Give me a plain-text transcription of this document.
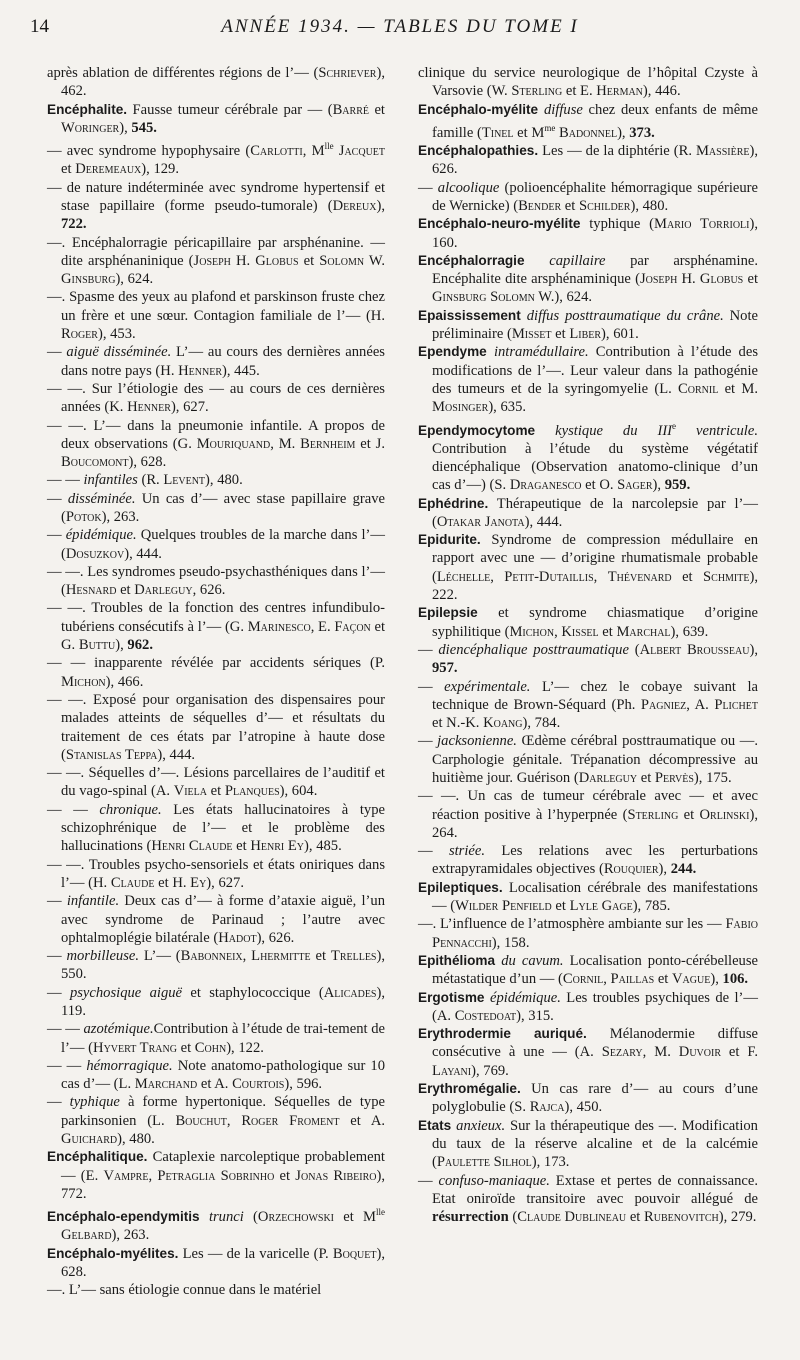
14	ANNÉE 1934. — TABLES DU TOME I

après ablation de différentes régions de l’— (Schriever), 462.

Encéphalite. Fausse tumeur cérébrale par — (Barré et Woringer), 545.

— avec syndrome hypophysaire (Carlotti, $M^{lle}$ Jacquet et Deremeaux), 129.

— de nature indéterminée avec syndrome hypertensif et stase papillaire (forme pseudo-tumorale) (Dereux), 722.

—. Encéphalorragie péricapillaire par arsphénanine. — dite arsphénaninique (Joseph H. Globus et Solomn W. Ginsburg), 624.

—. Spasme des yeux au plafond et parskinson fruste chez un frère et une sœur. Contagion familiale de l’— (H. Roger), 453.

— aiguë disséminée. L’— au cours des dernières années dans notre pays (H. Henner), 445.

— —. Sur l’étiologie des — au cours de ces dernières années (K. Henner), 627.

— —. L’— dans la pneumonie infantile. A propos de deux observations (G. Mouriquand, M. Bernheim et J. Boucomont), 628.

— — infantiles (R. Levent), 480.

— disséminée. Un cas d’— avec stase papillaire grave (Potok), 263.

— épidémique. Quelques troubles de la marche dans l’— (Dosuzkov), 444.

— —. Les syndromes pseudo-psychasthéniques dans l’— (Hesnard et Darleguy, 626.

— —. Troubles de la fonction des centres infundibulo-tubériens consécutifs à l’— (G. Marinesco, E. Façon et G. Buttu), 962.

— — inapparente révélée par accidents sériques (P. Michon), 466.

— —. Exposé pour organisation des dispensaires pour malades atteints de séquelles d’— et résultats du traitement de ces états par l’atropine à haute dose (Stanislas Teppa), 444.

— —. Séquelles d’—. Lésions parcellaires de l’auditif et du vago-spinal (A. Viela et Planques), 604.

— — chronique. Les états hallucinatoires à type schizophrénique de l’— et le problème des hallucinations (Henri Claude et Henri Ey), 485.

— —. Troubles psycho-sensoriels et états oniriques dans l’— (H. Claude et H. Ey), 627.

— infantile. Deux cas d’— à forme d’ataxie aiguë, l’un avec syndrome de Parinaud ; l’autre avec ophtalmoplégie bilatérale (Hadot), 626.

— morbilleuse. L’— (Babonneix, Lhermitte et Trelles), 550.

— psychosique aiguë et staphylococcique (Alicades), 119.

— — azotémique.Contribution à l’étude de trai-tement de l’— (Hyvert Trang et Cohn), 122.

— — hémorragique. Note anatomo-pathologique sur 10 cas d’— (L. Marchand et A. Courtois), 596.

— typhique à forme hypertonique. Séquelles de type parkinsonien (L. Bouchut, Roger Froment et A. Guichard), 480.

Encéphalitique. Cataplexie narcoleptique probablement — (E. Vampre, Petraglia Sobrinho et Jonas Ribeiro), 772.

Encéphalo-ependymitis trunci (Orzechowski et $M^{lle}$ Gelbard), 263.

Encéphalo-myélites. Les — de la varicelle (P. Boquet), 628.

—. L’— sans étiologie connue dans le matériel

clinique du service neurologique de l’hôpital Czyste à Varsovie (W. Sterling et E. Herman), 446.

Encéphalo-myélite diffuse chez deux enfants de même famille (Tinel et $M^{me}$ Badonnel), 373.

Encéphalopathies. Les — de la diphtérie (R. Massière), 626.

— alcoolique (polioencéphalite hémorragique supérieure de Wernicke) (Bender et Schilder), 480.

Encéphalo-neuro-myélite typhique (Mario Torrioli), 160.

Encéphalorragie capillaire par arsphénamine. Encéphalite dite arsphénaminique (Joseph H. Globus et Ginsburg Solomn W.), 624.

Epaississement diffus posttraumatique du crâne. Note préliminaire (Misset et Liber), 601.

Ependyme intramédullaire. Contribution à l’étude des modifications de l’—. Leur valeur dans la pathogénie des tumeurs et de la syringomyelie (L. Cornil et M. Mosinger), 635.

Ependymocytome kystique du IIIe ventricule. Contribution à l’étude du système végétatif diencéphalique (Observation anatomo-clinique d’un cas d’—) (S. Draganesco et O. Sager), 959.

Ephédrine. Thérapeutique de la narcolepsie par l’— (Otakar Janota), 444.

Epidurite. Syndrome de compression médullaire en rapport avec une — d’origine rhumatismale probable (Léchelle, Petit-Dutaillis, Thévenard et Schmite), 222.

Epilepsie et syndrome chiasmatique d’origine syphilitique (Michon, Kissel et Marchal), 639.

— diencéphalique posttraumatique (Albert Brousseau), 957.

— expérimentale. L’— chez le cobaye suivant la technique de Brown-Séquard (Ph. Pagniez, A. Plichet et N.-K. Koang), 784.

— jacksonienne. Œdème cérébral posttraumatique ou —. Carphologie génitale. Trépanation décompressive au huitième jour. Guérison (Darleguy et Pervès), 175.

— —. Un cas de tumeur cérébrale avec — et avec réaction positive à l’hyperpnée (Sterling et Orlinski), 264.

— striée. Les relations avec les perturbations extrapyramidales objectives (Rouquier), 244.

Epileptiques. Localisation cérébrale des manifestations — (Wilder Penfield et Lyle Gage), 785.

—. L’influence de l’atmosphère ambiante sur les — Fabio Pennacchi), 158.

Epithélioma du cavum. Localisation ponto-cérébelleuse métastatique d’un — (Cornil, Paillas et Vague), 106.

Ergotisme épidémique. Les troubles psychiques de l’— (A. Costedoat), 315.

Erythrodermie auriqué. Mélanodermie diffuse consécutive à une — (A. Sezary, M. Duvoir et F. Layani), 769.

Erythromégalie. Un cas rare d’— au cours d’une polyglobulie (S. Rajca), 450.

Etats anxieux. Sur la thérapeutique des —. Modification du taux de la réserve alcaline et de la calcémie (Paulette Silhol), 173.

— confuso-maniaque. Extase et pertes de connaissance. Etat oniroïde transitoire avec pouvoir allégué de résurrection (Claude Dublineau et Rubenovitch), 279.
